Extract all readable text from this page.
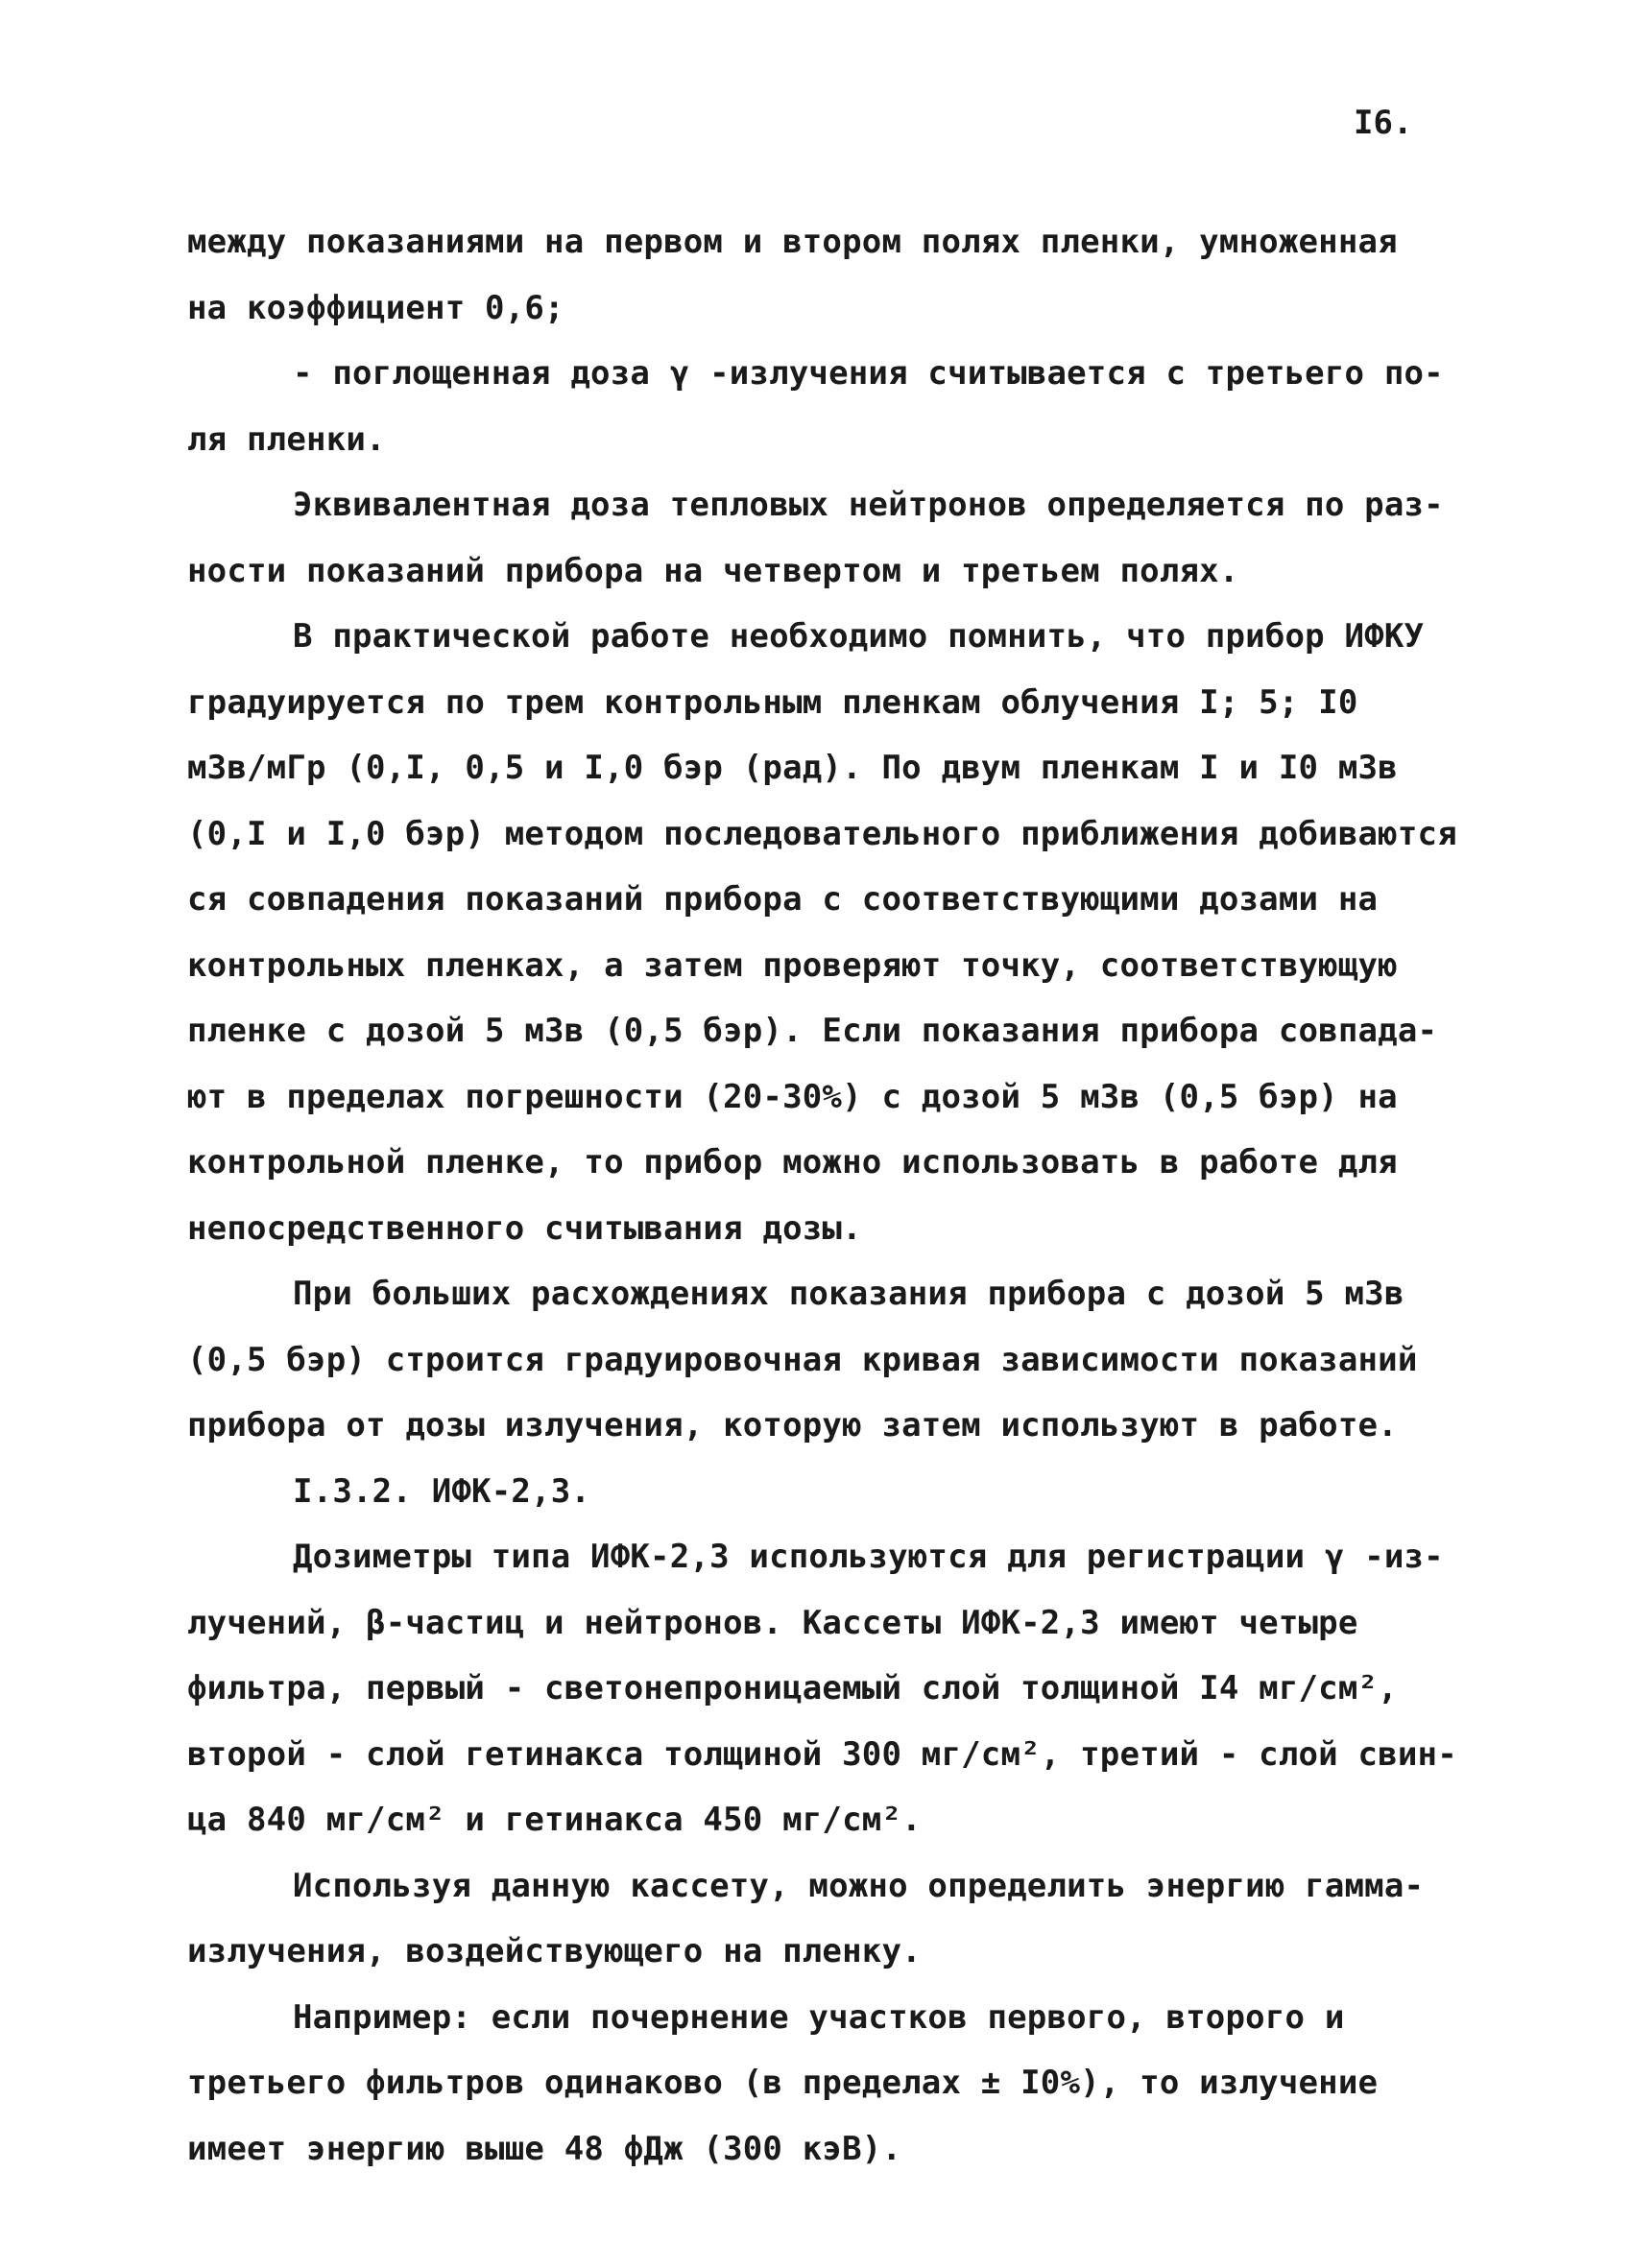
I6.
между показаниями на первом и втором полях пленки, умноженная
на коэффициент 0,6;
- поглощенная доза γ -излучения считывается с третьего по-
ля пленки.
Эквивалентная доза тепловых нейтронов определяется по раз-
ности показаний прибора на четвертом и третьем полях.
В практической работе необходимо помнить, что прибор ИФКУ
градуируется по трем контрольным пленкам облучения I; 5; I0
мЗв/мГр (0,I, 0,5 и I,0 бэр (рад). По двум пленкам I и I0 мЗв
(0,I и I,0 бэр) методом последовательного приближения добиваются
ся совпадения показаний прибора с соответствующими дозами на
контрольных пленках, а затем проверяют точку, соответствующую
пленке с дозой 5 мЗв (0,5 бэр). Если показания прибора совпада-
ют в пределах погрешности (20-30%) с дозой 5 мЗв (0,5 бэр) на
контрольной пленке, то прибор можно использовать в работе для
непосредственного считывания дозы.
При больших расхождениях показания прибора с дозой 5 мЗв
(0,5 бэр) строится градуировочная кривая зависимости показаний
прибора от дозы излучения, которую затем используют в работе.
I.3.2. ИФК-2,3.
Дозиметры типа ИФК-2,3 используются для регистрации γ -из-
лучений, β-частиц и нейтронов. Кассеты ИФК-2,3 имеют четыре
фильтра, первый - светонепроницаемый слой толщиной I4 мг/см²,
второй - слой гетинакса толщиной 300 мг/см², третий - слой свин-
ца 840 мг/см² и гетинакса 450 мг/см².
Используя данную кассету, можно определить энергию гамма-
излучения, воздействующего на пленку.
Например: если почернение участков первого, второго и
третьего фильтров одинаково (в пределах ± I0%), то излучение
имеет энергию выше 48 фДж (300 кэВ).
